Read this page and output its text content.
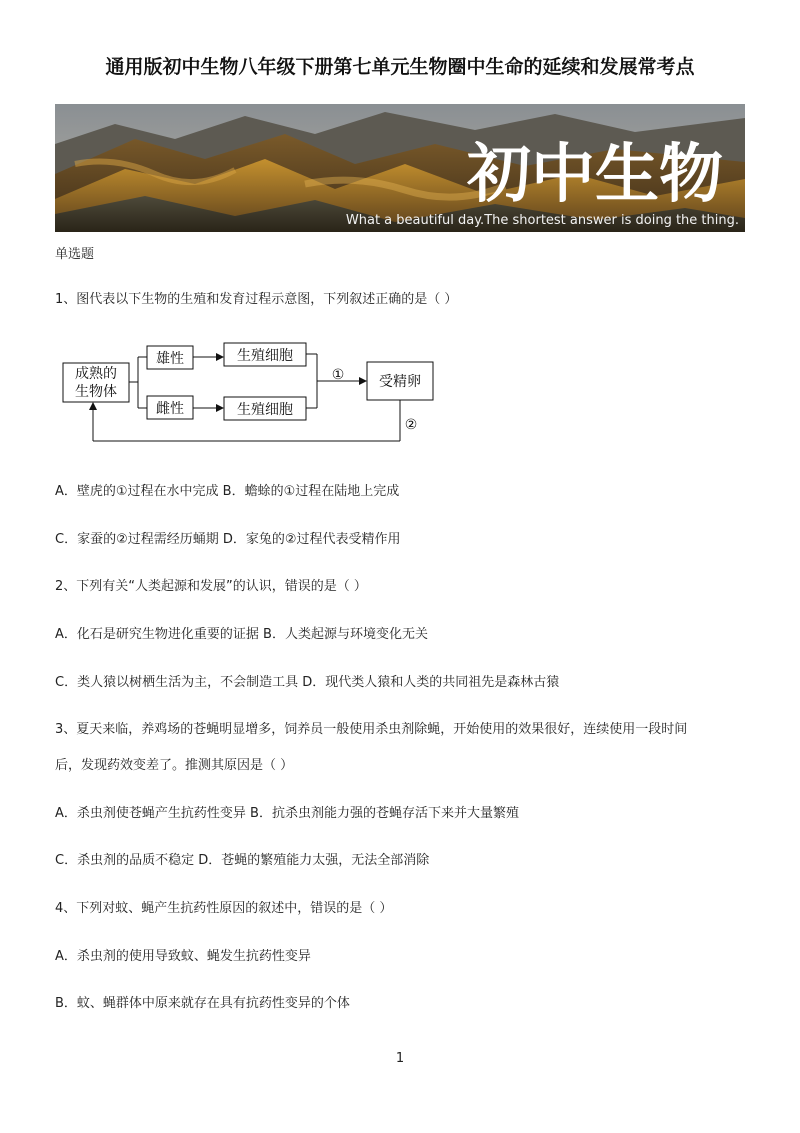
通用版初中生物八年级下册第七单元生物圈中生命的延续和发展常考点
初中生物
What a beautiful day.The shortest answer is doing the thing.
单选题
1、图代表以下生物的生殖和发育过程示意图，下列叙述正确的是（ ）
成熟的
生物体
雄性
雌性
生殖细胞
生殖细胞
受精卵
①
②
A．壁虎的①过程在水中完成 B．蟾蜍的①过程在陆地上完成
C．家蚕的②过程需经历蛹期 D．家兔的②过程代表受精作用
2、下列有关“人类起源和发展”的认识，错误的是（ ）
A．化石是研究生物进化重要的证据 B．人类起源与环境变化无关
C．类人猿以树栖生活为主，不会制造工具 D．现代类人猿和人类的共同祖先是森林古猿
3、夏天来临，养鸡场的苍蝇明显增多，饲养员一般使用杀虫剂除蝇，开始使用的效果很好，连续使用一段时间
后，发现药效变差了。推测其原因是（ ）
A．杀虫剂使苍蝇产生抗药性变异 B．抗杀虫剂能力强的苍蝇存活下来并大量繁殖
C．杀虫剂的品质不稳定 D．苍蝇的繁殖能力太强，无法全部消除
4、下列对蚊、蝇产生抗药性原因的叙述中，错误的是（ ）
A．杀虫剂的使用导致蚊、蝇发生抗药性变异
B．蚊、蝇群体中原来就存在具有抗药性变异的个体
1
